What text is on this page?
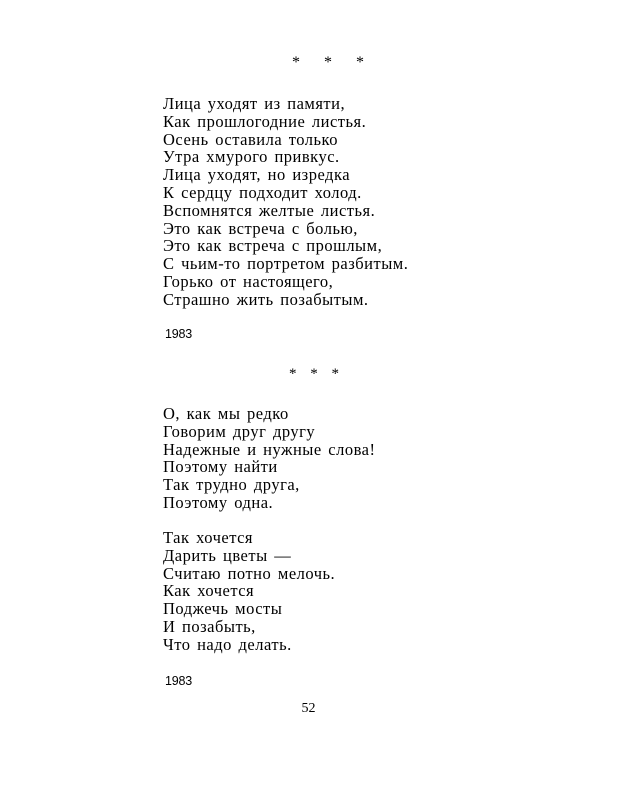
* * *
Лица уходят из памяти,
Как прошлогодние листья.
Осень оставила только
Утра хмурого привкус.
Лица уходят, но изредка
К сердцу подходит холод.
Вспомнятся желтые листья.
Это как встреча с болью,
Это как встреча с прошлым,
С чьим-то портретом разбитым.
Горько от настоящего,
Страшно жить позабытым.
1983
* * *
О, как мы редко
Говорим друг другу
Надежные и нужные слова!
Поэтому найти
Так трудно друга,
Поэтому одна.
Так хочется
Дарить цветы —
Считаю потно мелочь.
Как хочется
Поджечь мосты
И позабыть,
Что надо делать.
1983
52
